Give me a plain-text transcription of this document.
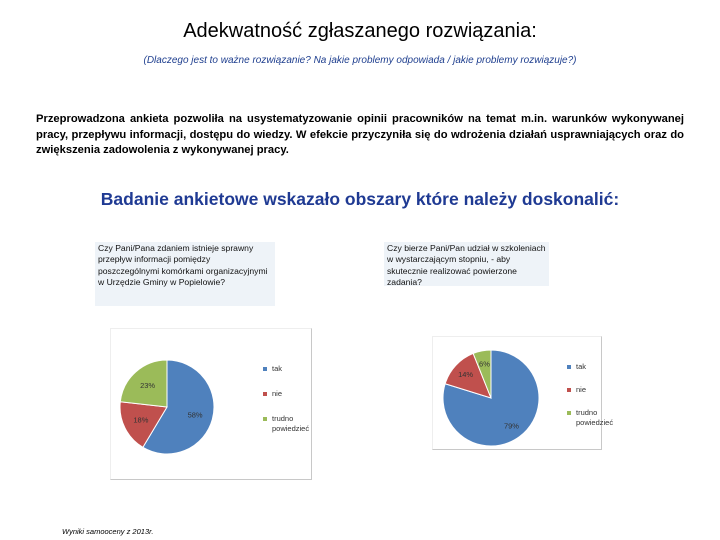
Adekwatność zgłaszanego rozwiązania:
(Dlaczego jest to ważne rozwiązanie? Na jakie problemy odpowiada / jakie problemy rozwiązuje?)
Przeprowadzona ankieta pozwoliła na usystematyzowanie opinii pracowników na temat m.in. warunków wykonywanej pracy, przepływu informacji, dostępu do wiedzy. W efekcie przyczyniła się do wdrożenia działań usprawniających oraz do zwiększenia zadowolenia z wykonywanej pracy.
Badanie ankietowe wskazało obszary które należy doskonalić:
Czy Pani/Pana zdaniem istnieje sprawny przepływ informacji pomiędzy poszczególnymi komórkami organizacyjnymi w Urzędzie Gminy w Popielowie?
Czy bierze Pani/Pan udział w szkoleniach w wystarczającym stopniu, - aby skutecznie realizować powierzone zadania?
58%
18%
23%
tak
nie
trudno powiedzieć	79%
14%
6%	tak
nie
trudno powiedzieć
Wyniki samooceny z 2013r.
